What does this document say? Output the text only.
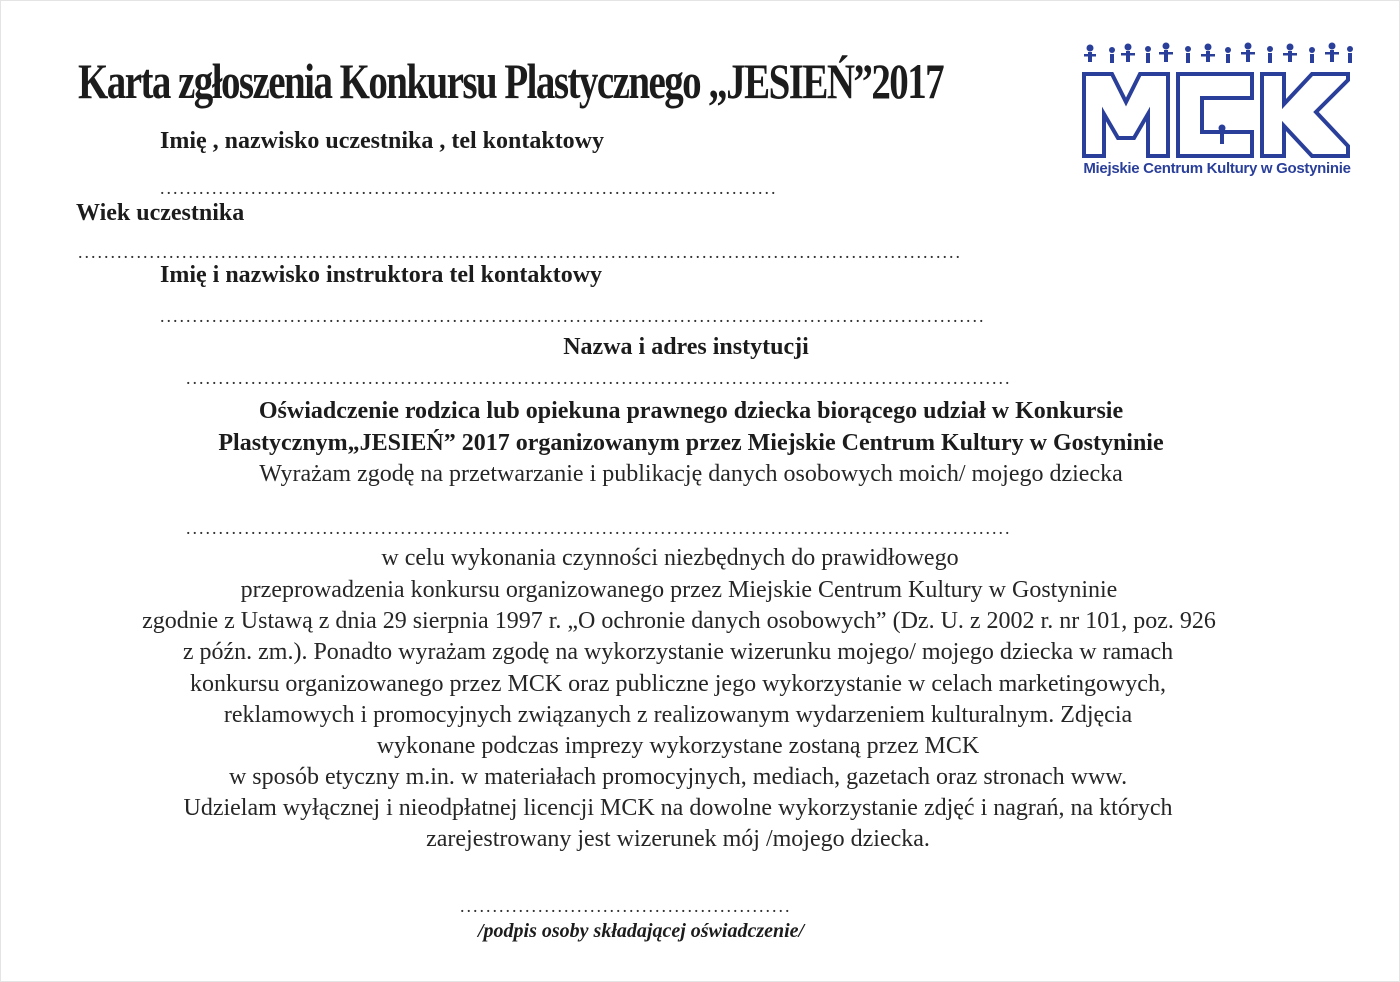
Karta zgłoszenia Konkursu Plastycznego „JESIEŃ”2017
Miejskie Centrum Kultury w Gostyninie
Imię , nazwisko uczestnika , tel kontaktowy
...............................................................................................
Wiek uczestnika
........................................................................................................................................
Imię i nazwisko instruktora tel kontaktowy
...............................................................................................................................
Nazwa i adres instytucji
...............................................................................................................................
Oświadczenie rodzica lub opiekuna prawnego dziecka biorącego udział w Konkursie
Plastycznym„JESIEŃ” 2017 organizowanym przez Miejskie Centrum Kultury w Gostyninie
Wyrażam zgodę na przetwarzanie i publikację danych osobowych moich/ mojego dziecka
...............................................................................................................................
w celu wykonania czynności niezbędnych do prawidłowego
przeprowadzenia konkursu organizowanego przez Miejskie Centrum Kultury w Gostyninie
zgodnie z Ustawą z dnia 29 sierpnia 1997 r. „O ochronie danych osobowych” (Dz. U. z 2002 r. nr 101, poz. 926
z późn. zm.). Ponadto wyrażam zgodę na wykorzystanie wizerunku mojego/ mojego dziecka w ramach
konkursu organizowanego przez MCK oraz publiczne jego wykorzystanie w celach marketingowych,
reklamowych i promocyjnych związanych z realizowanym wydarzeniem kulturalnym. Zdjęcia
wykonane podczas imprezy wykorzystane zostaną przez MCK
w sposób etyczny m.in. w materiałach promocyjnych, mediach, gazetach oraz stronach www.
Udzielam wyłącznej i nieodpłatnej licencji MCK na dowolne wykorzystanie zdjęć i nagrań, na których
zarejestrowany jest wizerunek mój /mojego dziecka.
...................................................
/podpis osoby składającej oświadczenie/
